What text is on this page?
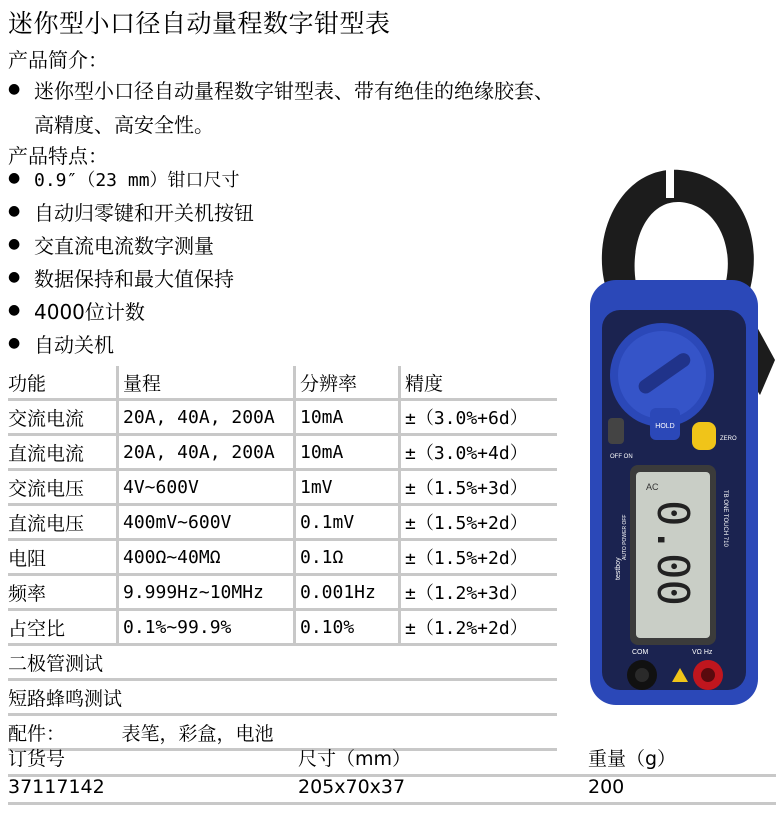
迷你型小口径自动量程数字钳型表
产品简介：
● 迷你型小口径自动量程数字钳型表、带有绝佳的绝缘胶套、
高精度、高安全性。
产品特点：
● 0.9″（23 mm）钳口尺寸
● 自动归零键和开关机按钮
● 交直流电流数字测量
● 数据保持和最大值保持
● 4000位计数
● 自动关机
功能	量程	分辨率	精度
交流电流	20A, 40A, 200A	10mA	±（3.0%+6d）
直流电流	20A, 40A, 200A	10mA	±（3.0%+4d）
交流电压	4V~600V	1mV	±（1.5%+3d）
直流电压	400mV~600V	0.1mV	±（1.5%+2d）
电阻	400Ω~40MΩ	0.1Ω	±（1.5%+2d）
频率	9.999Hz~10MHz	0.001Hz	±（1.2%+3d）
占空比	0.1%~99.9%	0.10%	±（1.2%+2d）
二极管测试			
短路蜂鸣测试			
配件：	表笔，彩盒，电池		
订货号	尺寸（mm）	重量（g）
37117142	205x70x37	200
HOLD
ZERO
OFF ON
AC
0.00
testboy
TB ONE TOUCH 710
AUTO POWER OFF
COM	VΩ Hz
